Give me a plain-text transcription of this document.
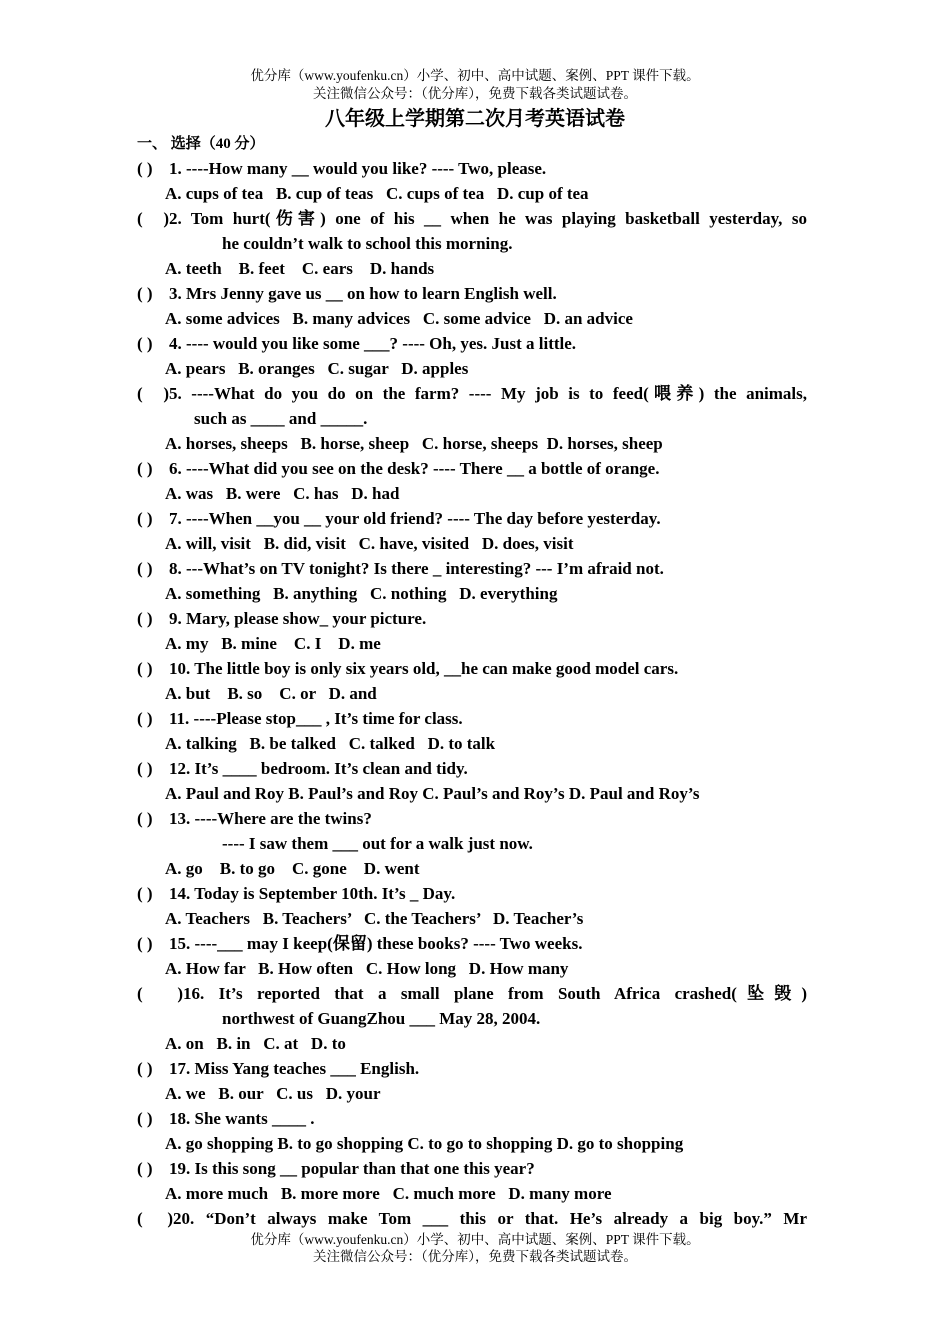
优分库（www.youfenku.cn）小学、初中、高中试题、案例、PPT 课件下载。
关注微信公众号：（优分库），免费下载各类试题试卷。
八年级上学期第二次月考英语试卷
一、 选择（40 分）
( ) 1. ----How many __ would you like? ---- Two, please.
A. cups of tea   B. cup of teas   C. cups of tea   D. cup of tea
( )2. Tom hurt(伤害) one of his __ when he was playing basketball yesterday, so
he couldn’t walk to school this morning.
A. teeth    B. feet    C. ears    D. hands
( ) 3. Mrs Jenny gave us __ on how to learn English well.
A. some advices   B. many advices   C. some advice   D. an advice
( ) 4. ---- would you like some ___? ---- Oh, yes. Just a little.
A. pears   B. oranges   C. sugar   D. apples
( )5. ----What do you do on the farm? ---- My job is to feed(喂养) the animals,
such as ____ and _____.
A. horses, sheeps   B. horse, sheep   C. horse, sheeps  D. horses, sheep
( ) 6. ----What did you see on the desk? ---- There __ a bottle of orange.
A. was   B. were   C. has   D. had
( ) 7. ----When __you __ your old friend? ---- The day before yesterday.
A. will, visit   B. did, visit   C. have, visited   D. does, visit
( ) 8. ---What’s on TV tonight? Is there _ interesting? --- I’m afraid not.
A. something   B. anything   C. nothing   D. everything
( ) 9. Mary, please show_ your picture.
A. my   B. mine    C. I    D. me
( ) 10. The little boy is only six years old, __he can make good model cars.
A. but    B. so    C. or   D. and
( ) 11. ----Please stop___ , It’s time for class.
A. talking   B. be talked   C. talked   D. to talk
( ) 12. It’s ____ bedroom. It’s clean and tidy.
A. Paul and Roy B. Paul’s and Roy C. Paul’s and Roy’s D. Paul and Roy’s
( ) 13. ----Where are the twins?
---- I saw them ___ out for a walk just now.
A. go    B. to go    C. gone    D. went
( ) 14. Today is September 10th. It’s _ Day.
A. Teachers   B. Teachers’   C. the Teachers’   D. Teacher’s
( ) 15. ----___ may I keep(保留) these books? ---- Two weeks.
A. How far   B. How often   C. How long   D. How many
( )16. It’s reported that a small plane from South Africa crashed(坠毁)
northwest of GuangZhou ___ May 28, 2004.
A. on   B. in   C. at   D. to
( ) 17. Miss Yang teaches ___ English.
A. we   B. our   C. us   D. your
( ) 18. She wants ____ .
A. go shopping B. to go shopping C. to go to shopping D. go to shopping
( ) 19. Is this song __ popular than that one this year?
A. more much   B. more more   C. much more   D. many more
( )20. “Don’t always make Tom ___ this or that. He’s already a big boy.” Mr
优分库（www.youfenku.cn）小学、初中、高中试题、案例、PPT 课件下载。
关注微信公众号：（优分库），免费下载各类试题试卷。
